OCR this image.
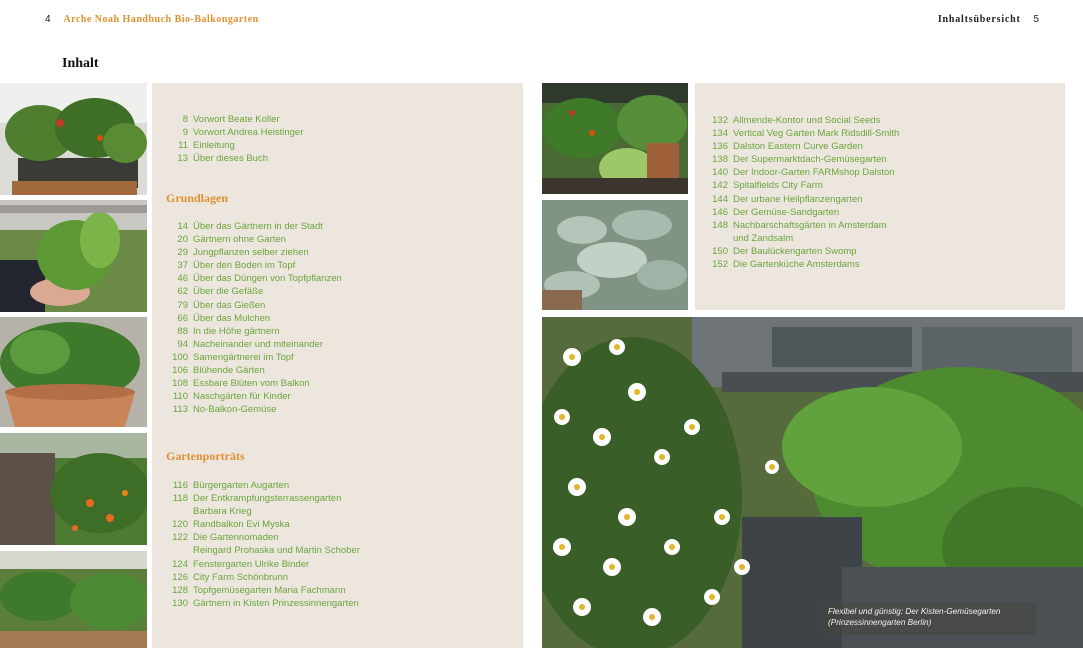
4 Arche Noah Handbuch Bio-Balkongarten	Inhaltsübersicht 5
Inhalt
8 Vorwort Beate Koller
9 Vorwort Andrea Heistinger
11 Einleitung
13 Über dieses Buch
Grundlagen
14 Über das Gärtnern in der Stadt
20 Gärtnern ohne Garten
29 Jungpflanzen selber ziehen
37 Über den Boden im Topf
46 Über das Düngen von Topfpflanzen
62 Über die Gefäße
79 Über das Gießen
66 Über das Mulchen
88 In die Höhe gärtnern
94 Nacheinander und miteinander
100 Samengärtnerei im Topf
106 Blühende Gärten
108 Essbare Blüten vom Balkon
110 Naschgärten für Kinder
113 No-Balkon-Gemüse
Gartenporträts
116 Bürgergarten Augarten
118 Der Entkrampfungsterrassengarten
Barbara Krieg
120 Randbalkon Evi Myska
122 Die Gartennomaden
Reingard Prohaska und Martin Schober
124 Fenstergarten Ulrike Binder
126 City Farm Schönbrunn
128 Topfgemüsegarten Maria Fachmann
130 Gärtnern in Kisten Prinzessinnengarten
132 Allmende-Kontor und Social Seeds
134 Vertical Veg Garten Mark Ridsdill-Smith
136 Dalston Eastern Curve Garden
138 Der Supermarktdach-Gemüsegarten
140 Der Indoor-Garten FARMshop Dalston
142 Spitalfields City Farm
144 Der urbane Heilpflanzengarten
146 Der Gemüse-Sandgarten
148 Nachbarschaftsgärten in Amsterdam
und Zandsalm
150 Der Baulückengarten Swomp
152 Die Gartenküche Amsterdams
Flexibel und günstig: Der Kisten-Gemüsegarten
(Prinzessinnengarten Berlin)
